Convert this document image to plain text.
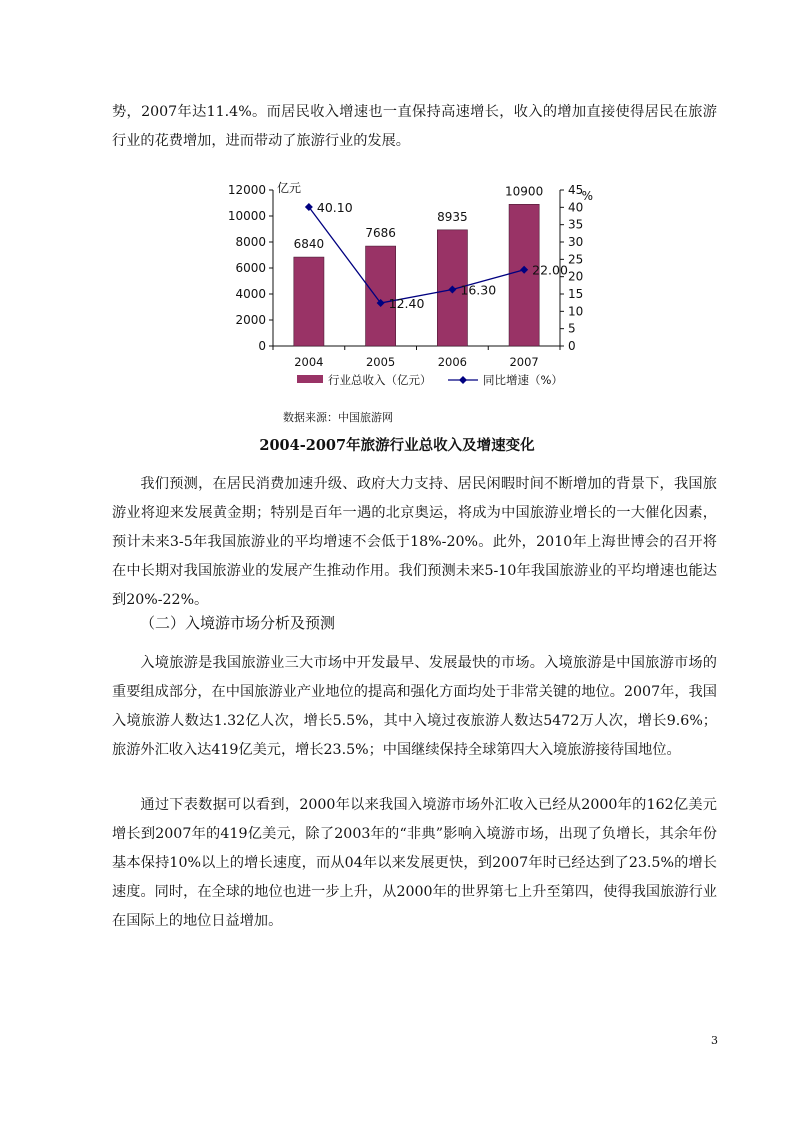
势，2007年达11.4%。而居民收入增速也一直保持高速增长，收入的增加直接使得居民在旅游行业的花费增加，进而带动了旅游行业的发展。

0
2000
4000
6000
8000
10000
12000
0
5
10
15
20
25
30
35
40
45
6840
2004
7686
2005
8935
2006
10900
2007
40.10
12.40
16.30
22.00
亿元
%
行业总收入（亿元）	同比增速（%）

数据来源：中国旅游网

2004-2007年旅游行业总收入及增速变化

我们预测，在居民消费加速升级、政府大力支持、居民闲暇时间不断增加的背景下，我国旅游业将迎来发展黄金期；特别是百年一遇的北京奥运，将成为中国旅游业增长的一大催化因素，预计未来3-5年我国旅游业的平均增速不会低于18%-20%。此外，2010年上海世博会的召开将在中长期对我国旅游业的发展产生推动作用。我们预测未来5-10年我国旅游业的平均增速也能达到20%-22%。

（二）入境游市场分析及预测

入境旅游是我国旅游业三大市场中开发最早、发展最快的市场。入境旅游是中国旅游市场的重要组成部分，在中国旅游业产业地位的提高和强化方面均处于非常关键的地位。2007年，我国入境旅游人数达1.32亿人次，增长5.5%，其中入境过夜旅游人数达5472万人次，增长9.6%；旅游外汇收入达419亿美元，增长23.5%；中国继续保持全球第四大入境旅游接待国地位。

通过下表数据可以看到，2000年以来我国入境游市场外汇收入已经从2000年的162亿美元增长到2007年的419亿美元，除了2003年的“非典”影响入境游市场，出现了负增长，其余年份基本保持10%以上的增长速度，而从04年以来发展更快，到2007年时已经达到了23.5%的增长速度。同时，在全球的地位也进一步上升，从2000年的世界第七上升至第四，使得我国旅游行业在国际上的地位日益增加。

3
